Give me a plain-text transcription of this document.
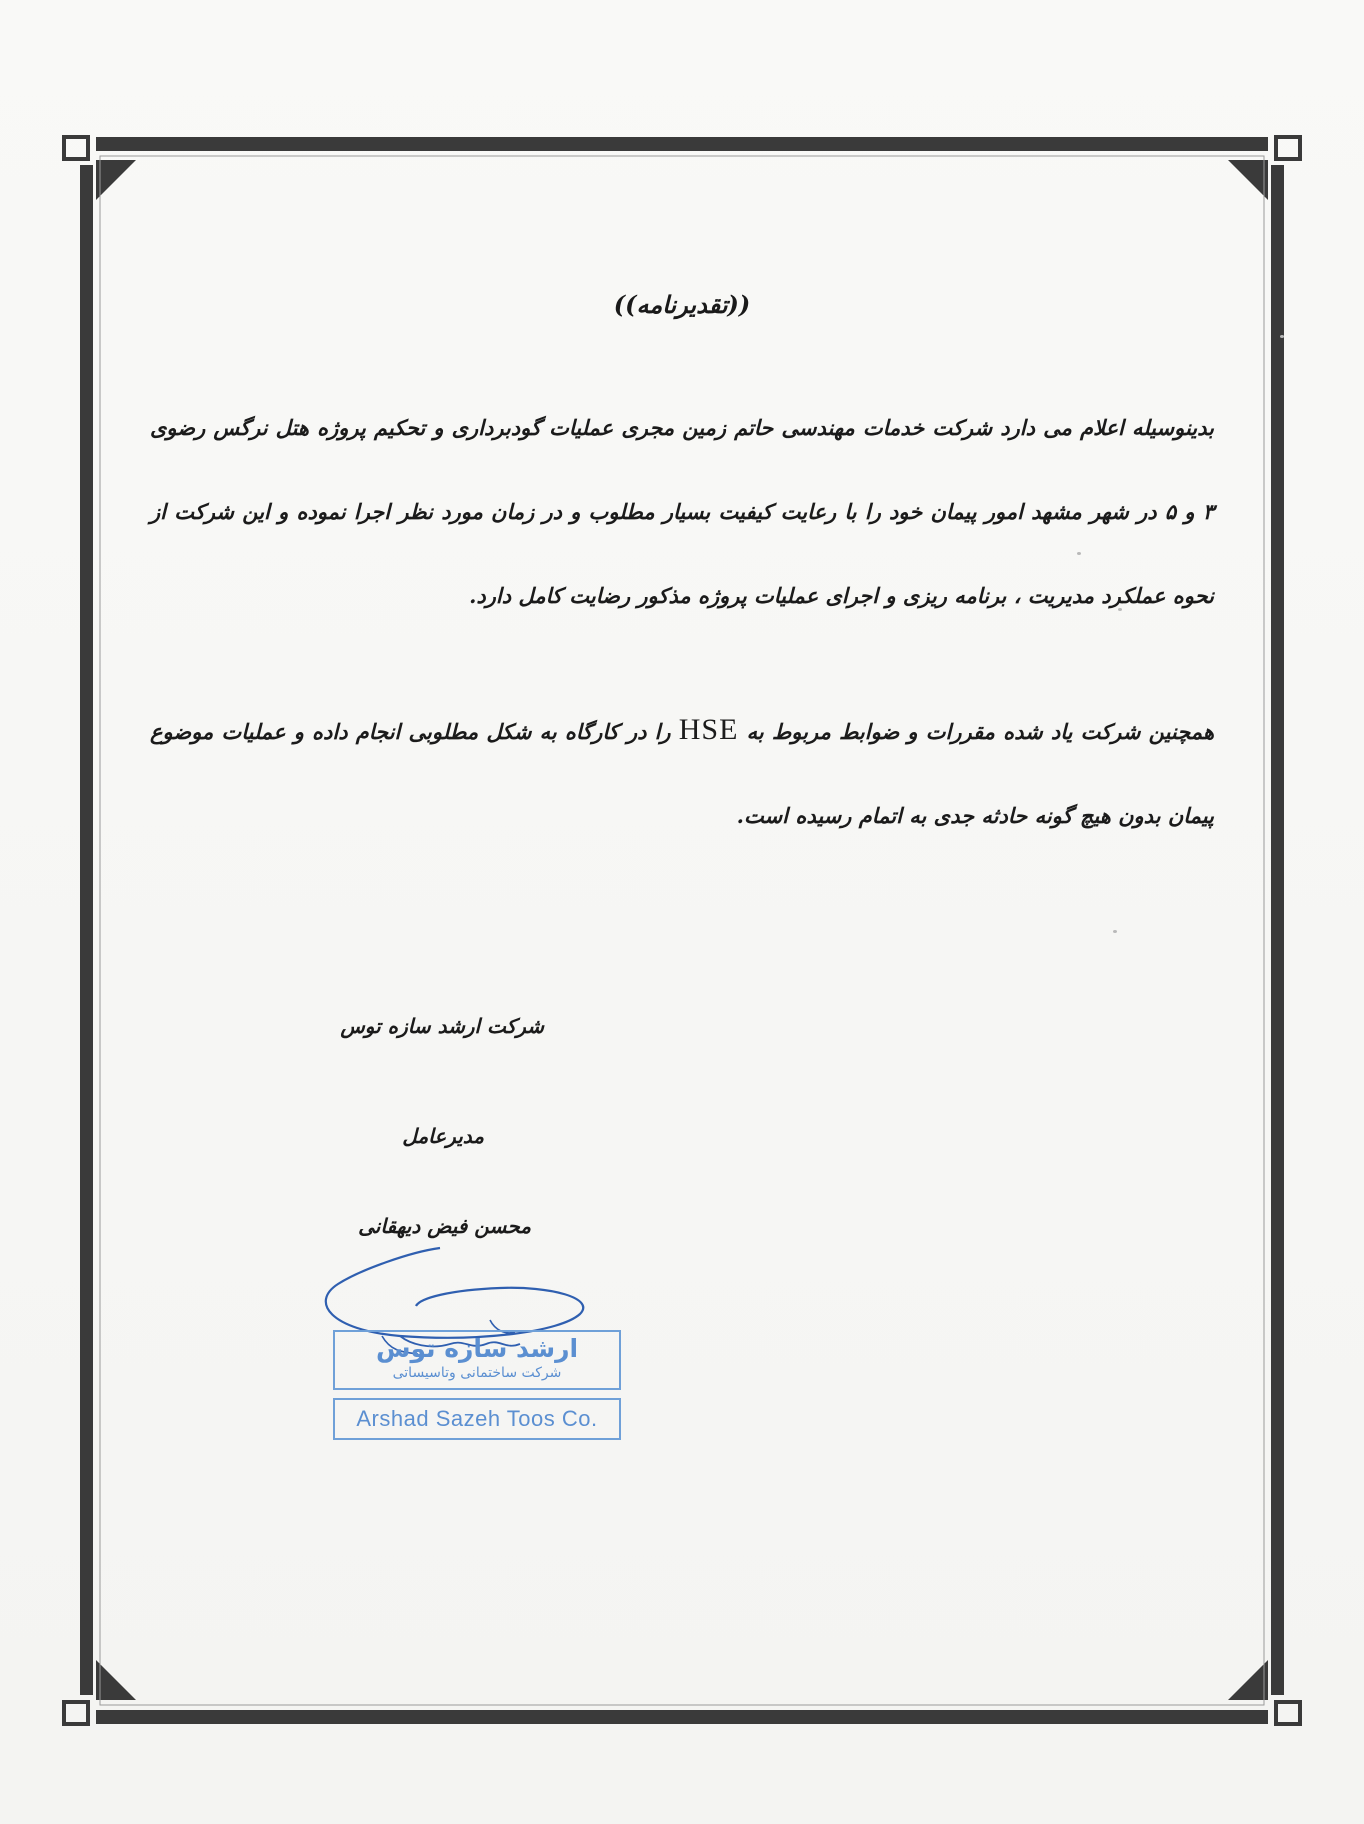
((تقدیرنامه))
بدینوسیله اعلام می دارد شرکت خدمات مهندسی حاتم زمین مجری عملیات گودبرداری و تحکیم پروژه هتل نرگس رضوی ۳ و ۵ در شهر مشهد امور پیمان خود را با رعایت کیفیت بسیار مطلوب و در زمان مورد نظر اجرا نموده و این شرکت از نحوه عملکرد مدیریت ، برنامه ریزی و اجرای عملیات پروژه مذکور رضایت کامل دارد.
همچنین شرکت یاد شده مقررات و ضوابط مربوط به HSE را در کارگاه به شکل مطلوبی انجام داده و عملیات موضوع پیمان بدون هیچ گونه حادثه جدی به اتمام رسیده است.
شرکت ارشد سازه توس
مدیرعامل
محسن فیض دیهقانی
ارشد سازه توس
شرکت ساختمانی وتاسیساتی
Arshad Sazeh Toos Co.
